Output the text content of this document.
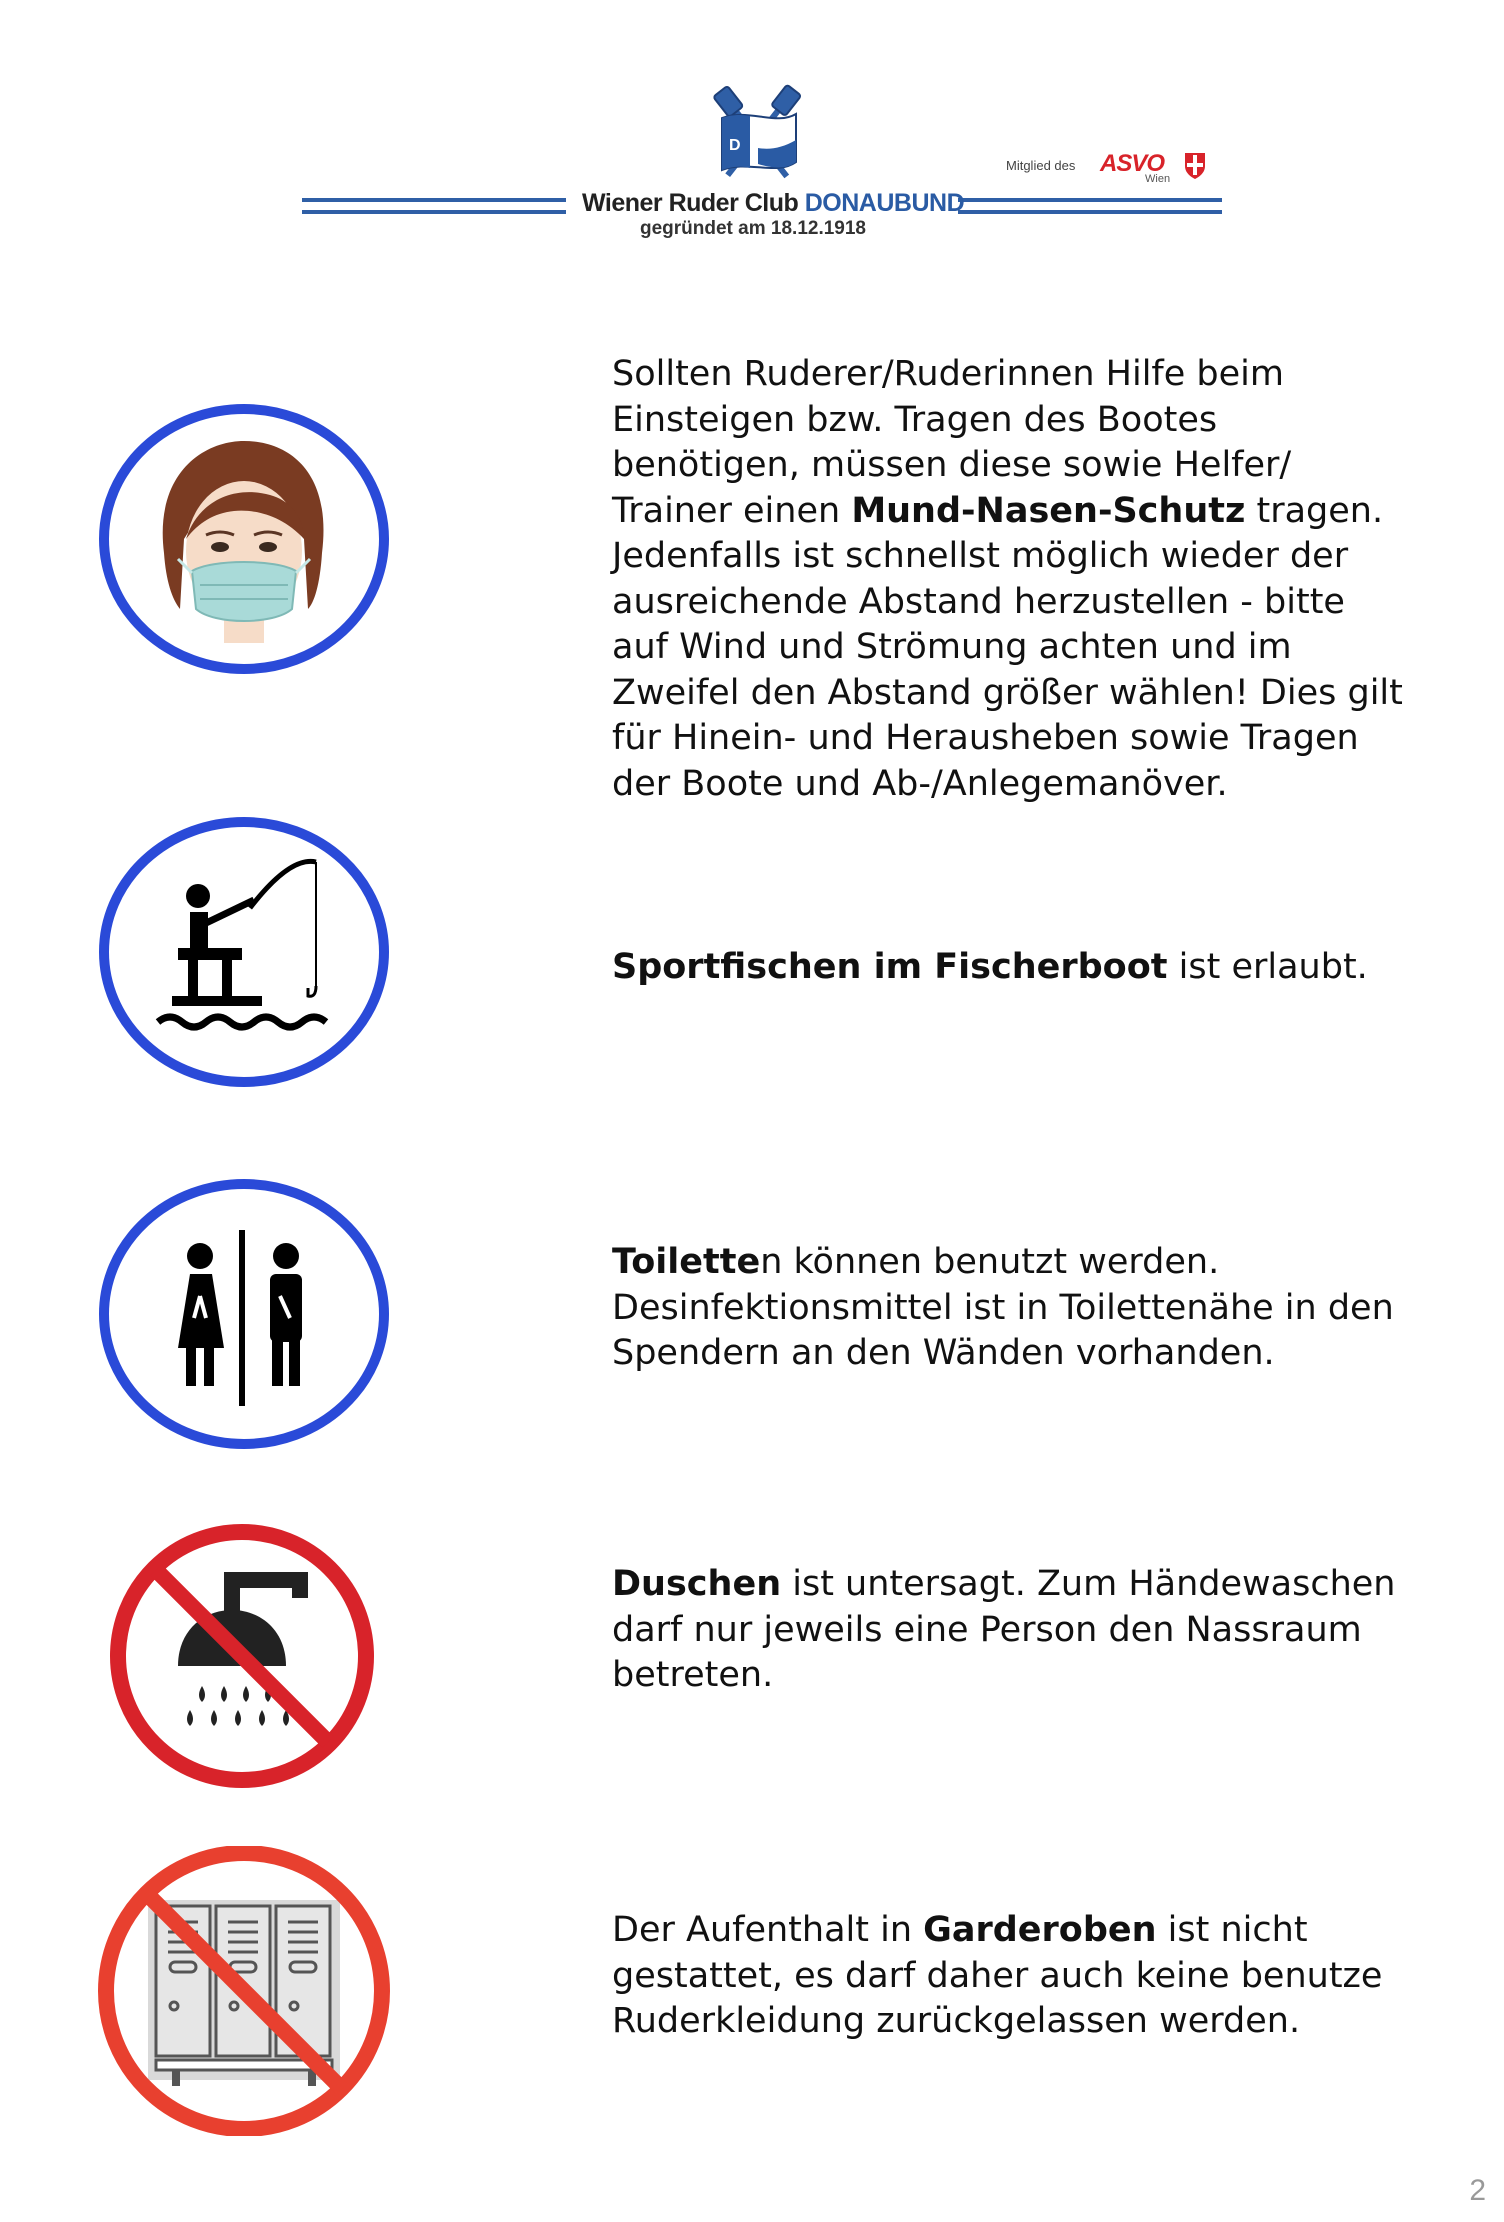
D
Wiener Ruder Club DONAUBUND
gegründet am 18.12.1918
Mitglied des ASVO
Wien
Sollten Ruderer/Ruderinnen Hilfe beim Einsteigen bzw. Tragen des Bootes benötigen, müssen diese sowie Helfer/ Trainer einen Mund-Nasen-Schutz tragen. Jedenfalls ist schnellst möglich wieder der ausreichende Abstand herzustellen - bitte auf Wind und Strömung achten und im Zweifel den Abstand größer wählen! Dies gilt für Hinein- und Herausheben sowie Tragen der Boote und Ab-/Anlegemanöver.
Sportfischen im Fischerboot ist erlaubt.
Toiletten können benutzt werden. Desinfektionsmittel ist in Toilettenähe in den Spendern an den Wänden vorhanden.
Duschen ist untersagt. Zum Händewaschen darf nur jeweils eine Person den Nassraum betreten.
Der Aufenthalt in Garderoben ist nicht gestattet, es darf daher auch keine benutze Ruderkleidung zurückgelassen werden.
2
